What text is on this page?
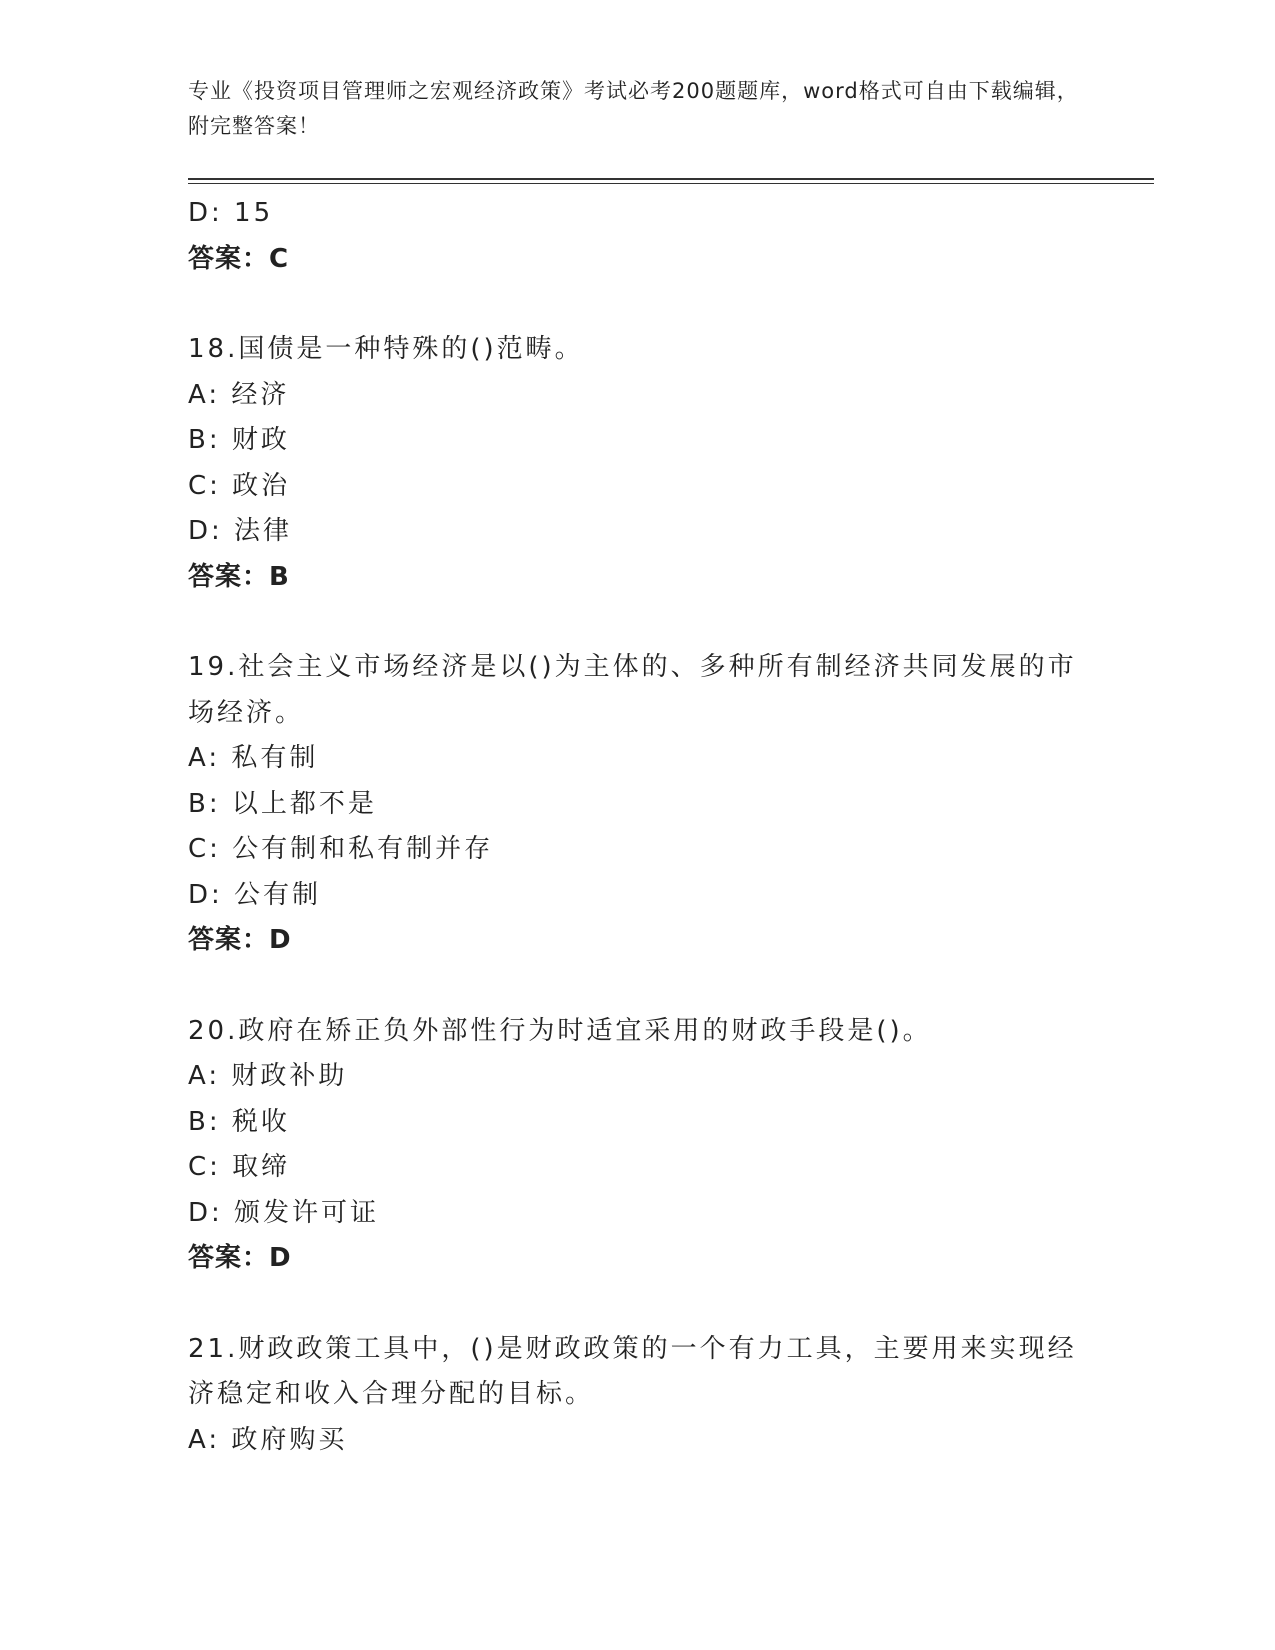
专业《投资项目管理师之宏观经济政策》考试必考200题题库，word格式可自由下载编辑，附完整答案！
D: 15
答案：C
18.国债是一种特殊的()范畴。
A: 经济
B: 财政
C: 政治
D: 法律
答案：B
19.社会主义市场经济是以()为主体的、多种所有制经济共同发展的市场经济。
A: 私有制
B: 以上都不是
C: 公有制和私有制并存
D: 公有制
答案：D
20.政府在矫正负外部性行为时适宜采用的财政手段是()。
A: 财政补助
B: 税收
C: 取缔
D: 颁发许可证
答案：D
21.财政政策工具中，()是财政政策的一个有力工具，主要用来实现经济稳定和收入合理分配的目标。
A: 政府购买
